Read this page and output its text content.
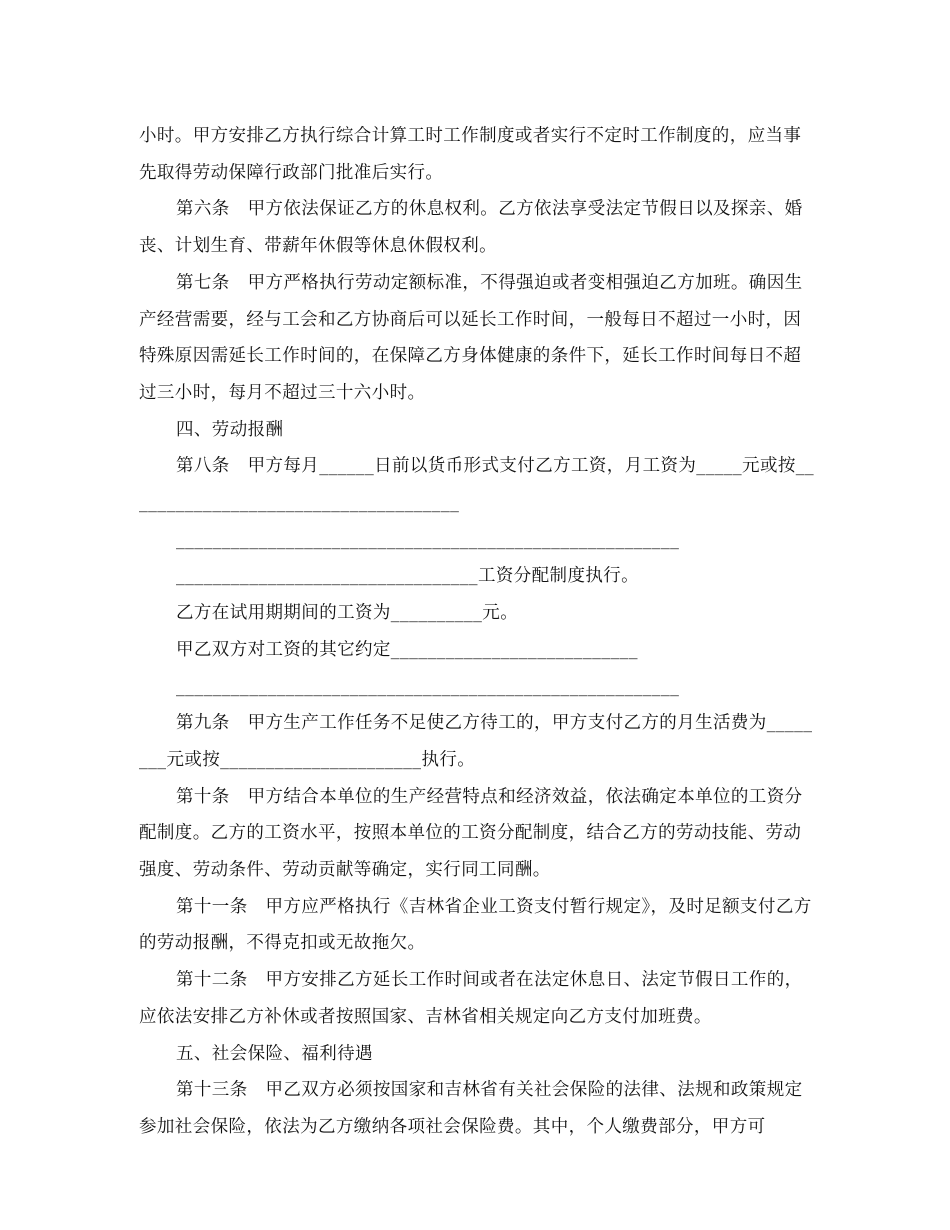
小时。甲方安排乙方执行综合计算工时工作制度或者实行不定时工作制度的，应当事先取得劳动保障行政部门批准后实行。

第六条　甲方依法保证乙方的休息权利。乙方依法享受法定节假日以及探亲、婚丧、计划生育、带薪年休假等休息休假权利。

第七条　甲方严格执行劳动定额标准，不得强迫或者变相强迫乙方加班。确因生产经营需要，经与工会和乙方协商后可以延长工作时间，一般每日不超过一小时，因特殊原因需延长工作时间的，在保障乙方身体健康的条件下，延长工作时间每日不超过三小时，每月不超过三十六小时。

四、劳动报酬

第八条　甲方每月______日前以货币形式支付乙方工资，月工资为_____元或按_____________________________________

_______________________________________________________

_________________________________工资分配制度执行。

乙方在试用期期间的工资为__________元。

甲乙双方对工资的其它约定___________________________

_______________________________________________________

第九条　甲方生产工作任务不足使乙方待工的，甲方支付乙方的月生活费为________元或按______________________执行。

第十条　甲方结合本单位的生产经营特点和经济效益，依法确定本单位的工资分配制度。乙方的工资水平，按照本单位的工资分配制度，结合乙方的劳动技能、劳动强度、劳动条件、劳动贡献等确定，实行同工同酬。

第十一条　甲方应严格执行《吉林省企业工资支付暂行规定》，及时足额支付乙方的劳动报酬，不得克扣或无故拖欠。

第十二条　甲方安排乙方延长工作时间或者在法定休息日、法定节假日工作的，应依法安排乙方补休或者按照国家、吉林省相关规定向乙方支付加班费。

五、社会保险、福利待遇

第十三条　甲乙双方必须按国家和吉林省有关社会保险的法律、法规和政策规定参加社会保险，依法为乙方缴纳各项社会保险费。其中，个人缴费部分，甲方可
